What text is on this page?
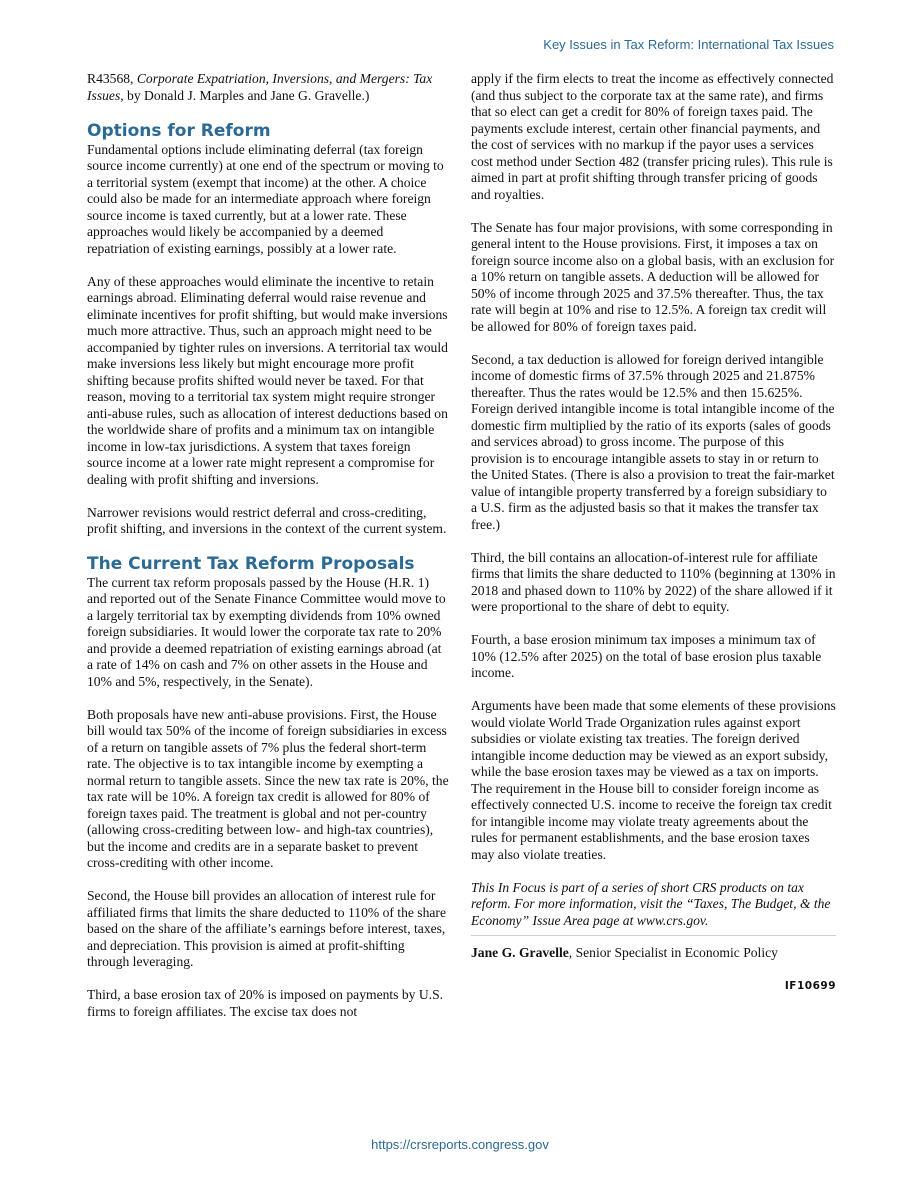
Key Issues in Tax Reform: International Tax Issues

R43568, Corporate Expatriation, Inversions, and Mergers: Tax Issues, by Donald J. Marples and Jane G. Gravelle.)

Options for Reform

Fundamental options include eliminating deferral (tax foreign source income currently) at one end of the spectrum or moving to a territorial system (exempt that income) at the other. A choice could also be made for an intermediate approach where foreign source income is taxed currently, but at a lower rate. These approaches would likely be accompanied by a deemed repatriation of existing earnings, possibly at a lower rate.

Any of these approaches would eliminate the incentive to retain earnings abroad. Eliminating deferral would raise revenue and eliminate incentives for profit shifting, but would make inversions much more attractive. Thus, such an approach might need to be accompanied by tighter rules on inversions. A territorial tax would make inversions less likely but might encourage more profit shifting because profits shifted would never be taxed. For that reason, moving to a territorial tax system might require stronger anti-abuse rules, such as allocation of interest deductions based on the worldwide share of profits and a minimum tax on intangible income in low-tax jurisdictions. A system that taxes foreign source income at a lower rate might represent a compromise for dealing with profit shifting and inversions.

Narrower revisions would restrict deferral and cross-crediting, profit shifting, and inversions in the context of the current system.

The Current Tax Reform Proposals

The current tax reform proposals passed by the House (H.R. 1) and reported out of the Senate Finance Committee would move to a largely territorial tax by exempting dividends from 10% owned foreign subsidiaries. It would lower the corporate tax rate to 20% and provide a deemed repatriation of existing earnings abroad (at a rate of 14% on cash and 7% on other assets in the House and 10% and 5%, respectively, in the Senate).

Both proposals have new anti-abuse provisions. First, the House bill would tax 50% of the income of foreign subsidiaries in excess of a return on tangible assets of 7% plus the federal short-term rate. The objective is to tax intangible income by exempting a normal return to tangible assets. Since the new tax rate is 20%, the tax rate will be 10%. A foreign tax credit is allowed for 80% of foreign taxes paid. The treatment is global and not per-country (allowing cross-crediting between low- and high-tax countries), but the income and credits are in a separate basket to prevent cross-crediting with other income.

Second, the House bill provides an allocation of interest rule for affiliated firms that limits the share deducted to 110% of the share based on the share of the affiliate’s earnings before interest, taxes, and depreciation. This provision is aimed at profit-shifting through leveraging.

Third, a base erosion tax of 20% is imposed on payments by U.S. firms to foreign affiliates. The excise tax does not

apply if the firm elects to treat the income as effectively connected (and thus subject to the corporate tax at the same rate), and firms that so elect can get a credit for 80% of foreign taxes paid. The payments exclude interest, certain other financial payments, and the cost of services with no markup if the payor uses a services cost method under Section 482 (transfer pricing rules). This rule is aimed in part at profit shifting through transfer pricing of goods and royalties.

The Senate has four major provisions, with some corresponding in general intent to the House provisions. First, it imposes a tax on foreign source income also on a global basis, with an exclusion for a 10% return on tangible assets. A deduction will be allowed for 50% of income through 2025 and 37.5% thereafter. Thus, the tax rate will begin at 10% and rise to 12.5%. A foreign tax credit will be allowed for 80% of foreign taxes paid.

Second, a tax deduction is allowed for foreign derived intangible income of domestic firms of 37.5% through 2025 and 21.875% thereafter. Thus the rates would be 12.5% and then 15.625%. Foreign derived intangible income is total intangible income of the domestic firm multiplied by the ratio of its exports (sales of goods and services abroad) to gross income. The purpose of this provision is to encourage intangible assets to stay in or return to the United States. (There is also a provision to treat the fair-market value of intangible property transferred by a foreign subsidiary to a U.S. firm as the adjusted basis so that it makes the transfer tax free.)

Third, the bill contains an allocation-of-interest rule for affiliate firms that limits the share deducted to 110% (beginning at 130% in 2018 and phased down to 110% by 2022) of the share allowed if it were proportional to the share of debt to equity.

Fourth, a base erosion minimum tax imposes a minimum tax of 10% (12.5% after 2025) on the total of base erosion plus taxable income.

Arguments have been made that some elements of these provisions would violate World Trade Organization rules against export subsidies or violate existing tax treaties. The foreign derived intangible income deduction may be viewed as an export subsidy, while the base erosion taxes may be viewed as a tax on imports. The requirement in the House bill to consider foreign income as effectively connected U.S. income to receive the foreign tax credit for intangible income may violate treaty agreements about the rules for permanent establishments, and the base erosion taxes may also violate treaties.

This In Focus is part of a series of short CRS products on tax reform. For more information, visit the “Taxes, The Budget, & the Economy” Issue Area page at www.crs.gov.

Jane G. Gravelle, Senior Specialist in Economic Policy

IF10699
https://crsreports.congress.gov
